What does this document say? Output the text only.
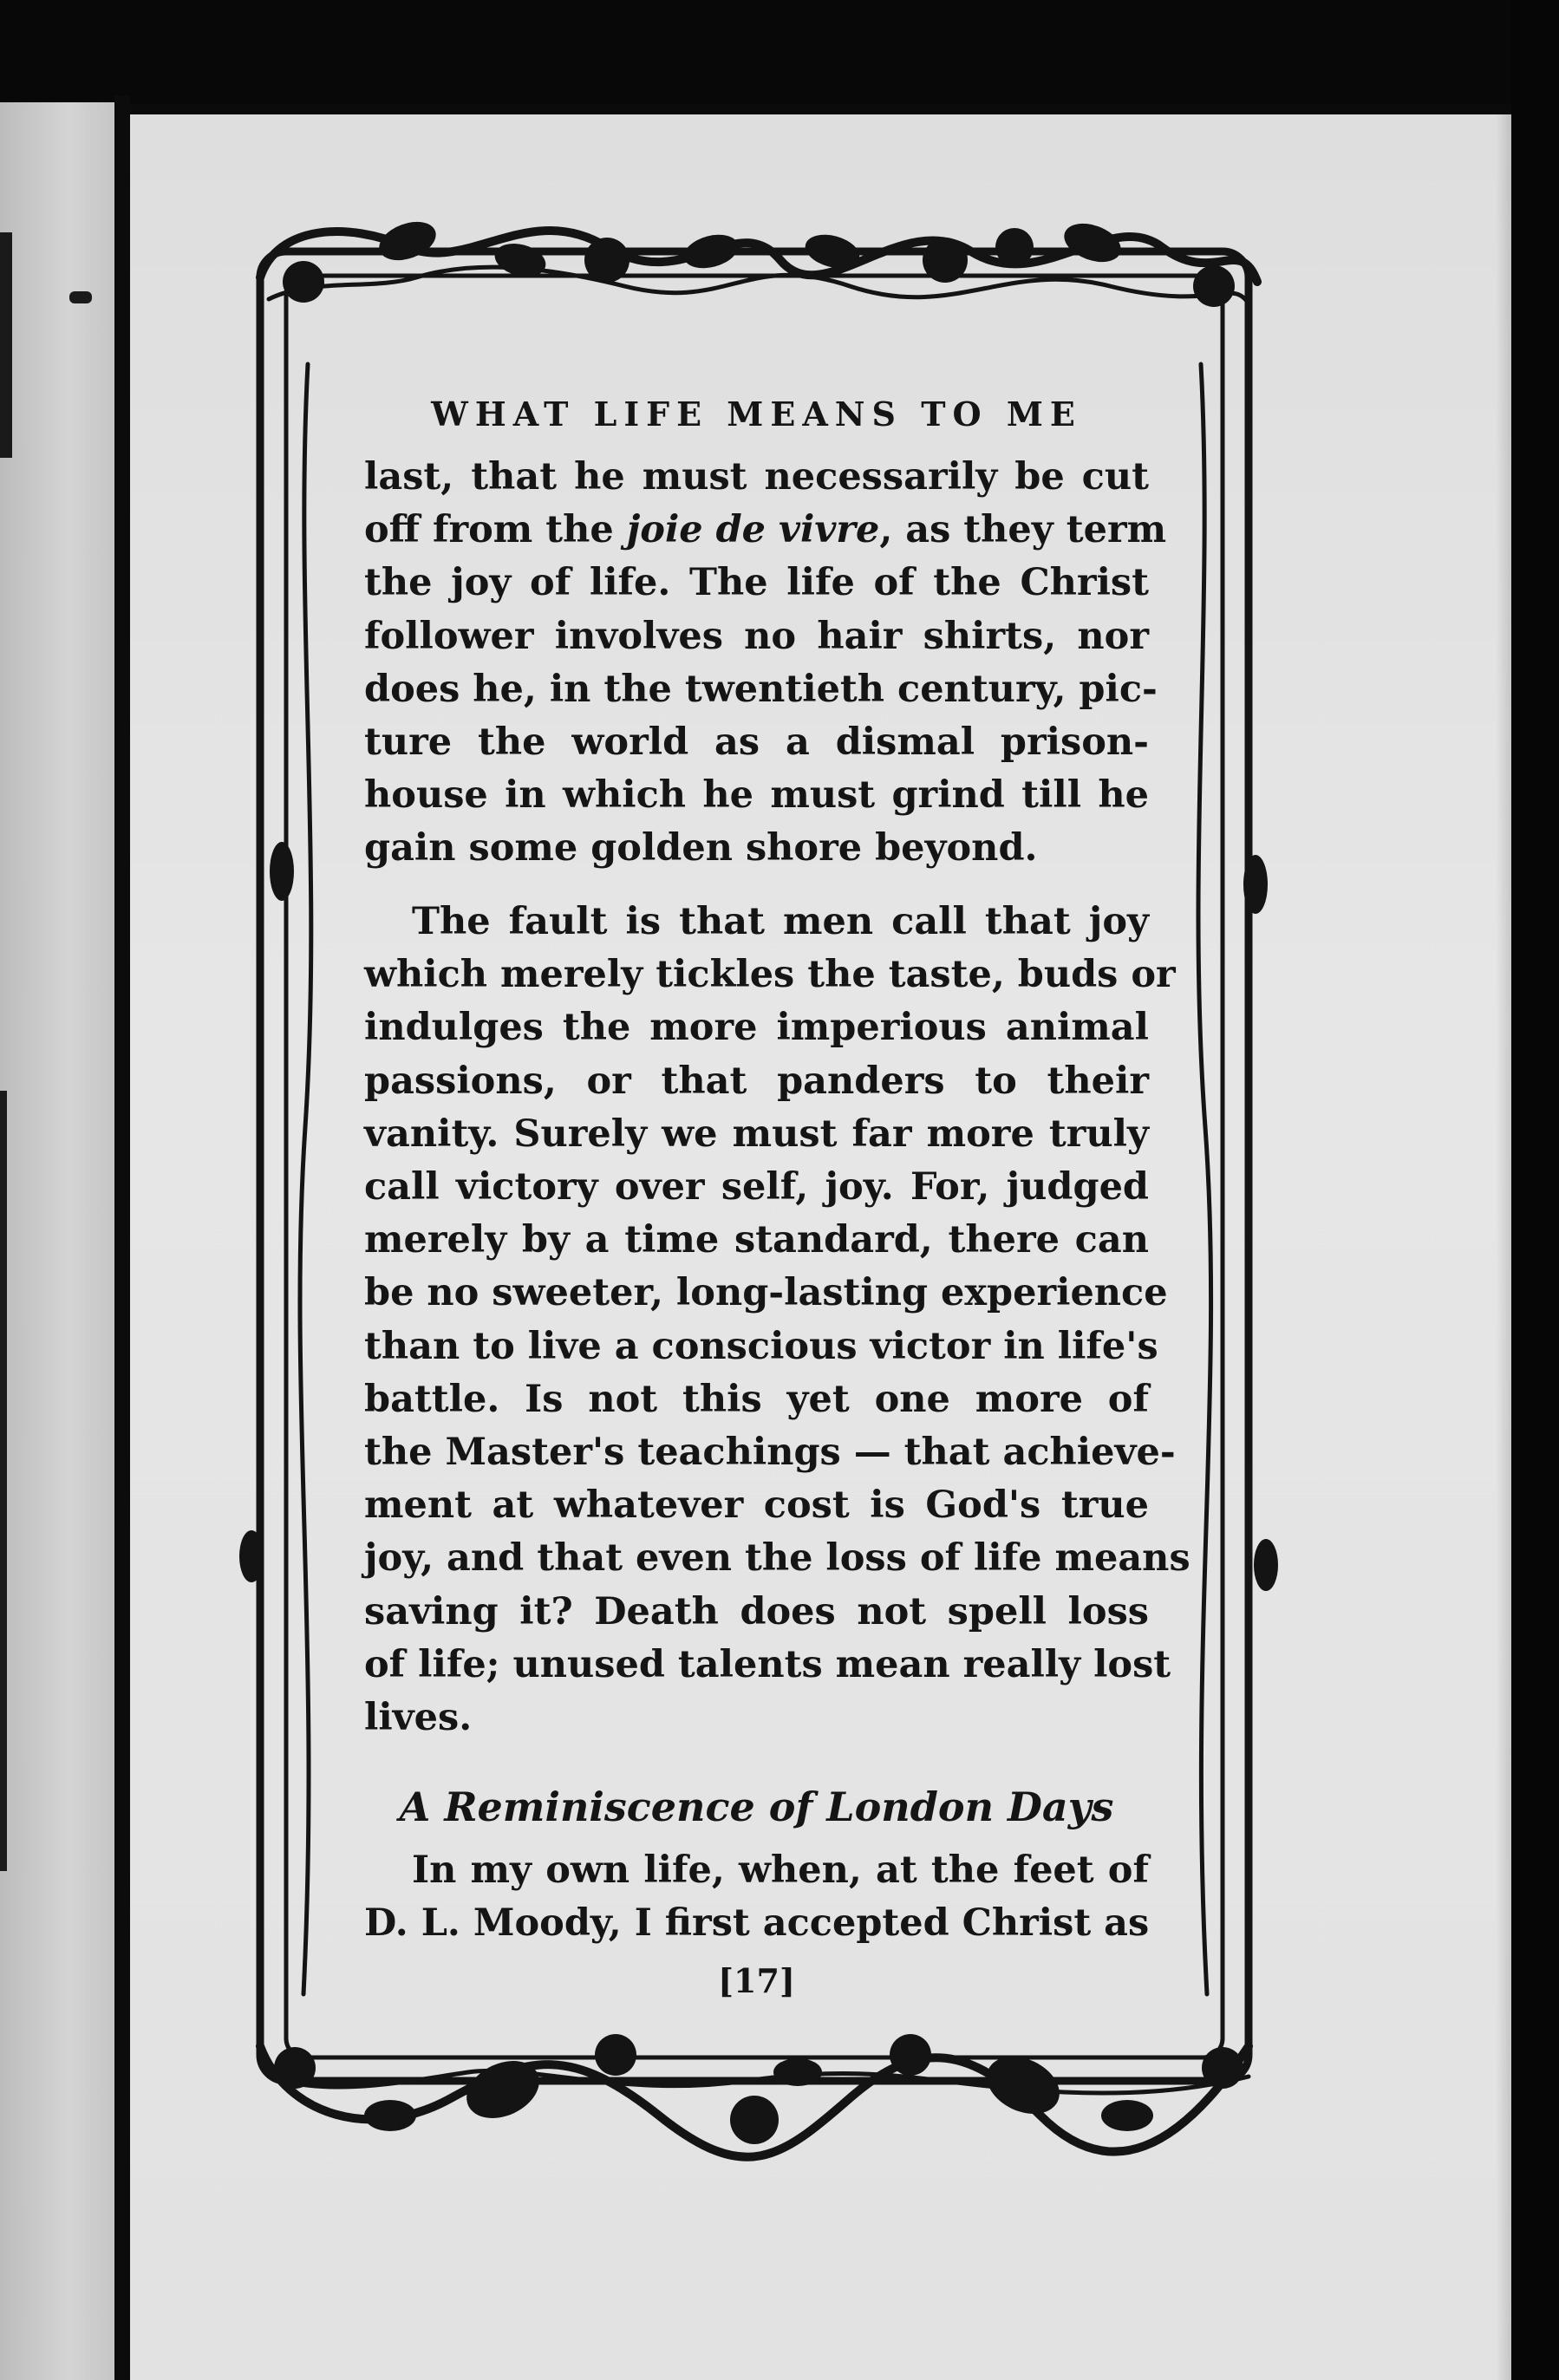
WHAT LIFE MEANS TO ME
last, that he must necessarily be cut
off from the joie de vivre, as they term
the joy of life. The life of the Christ
follower involves no hair shirts, nor
does he, in the twentieth century, pic-
ture the world as a dismal prison-
house in which he must grind till he
gain some golden shore beyond.
The fault is that men call that joy
which merely tickles the taste, buds or
indulges the more imperious animal
passions, or that panders to their
vanity. Surely we must far more truly
call victory over self, joy. For, judged
merely by a time standard, there can
be no sweeter, long-lasting experience
than to live a conscious victor in life's
battle. Is not this yet one more of
the Master's teachings — that achieve-
ment at whatever cost is God's true
joy, and that even the loss of life means
saving it? Death does not spell loss
of life; unused talents mean really lost
lives.
A Reminiscence of London Days
In my own life, when, at the feet of
D. L. Moody, I first accepted Christ as
[17]
